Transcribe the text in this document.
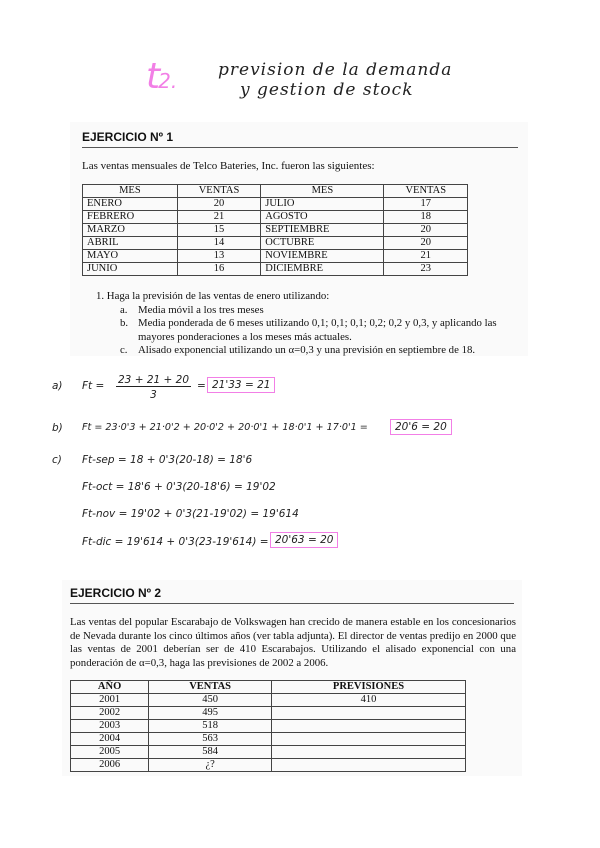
t2. prevision de la demanda
y gestion de stock
EJERCICIO Nº 1
Las ventas mensuales de Telco Bateries, Inc. fueron las siguientes:
MES	VENTAS	MES	VENTAS
ENERO	20	JULIO	17
FEBRERO	21	AGOSTO	18
MARZO	15	SEPTIEMBRE	20
ABRIL	14	OCTUBRE	20
MAYO	13	NOVIEMBRE	21
JUNIO	16	DICIEMBRE	23
1. Haga la previsión de las ventas de enero utilizando:
a. Media móvil a los tres meses
b. Media ponderada de 6 meses utilizando 0,1; 0,1; 0,1; 0,2; 0,2 y 0,3, y aplicando las mayores ponderaciones a los meses más actuales.
c. Alisado exponencial utilizando un α=0,3 y una previsión en septiembre de 18.
a) $Ft = \frac{23 + 21 + 20}{3} = 21'33 = 21$
b) Ft = 23·0'3 + 21·0'2 + 20·0'2 + 20·0'1 + 18·0'1 + 17·0'1 =	20'6 = 20
c) Ft-sep = 18 + 0'3(20-18) = 18'6
Ft-oct = 18'6 + 0'3(20-18'6) = 19'02
Ft-nov = 19'02 + 0'3(21-19'02) = 19'614
Ft-dic = 19'614 + 0'3(23-19'614) = 20'63 = 20
EJERCICIO Nº 2
Las ventas del popular Escarabajo de Volkswagen han crecido de manera estable en los concesionarios de Nevada durante los cinco últimos años (ver tabla adjunta). El director de ventas predijo en 2000 que las ventas de 2001 deberían ser de 410 Escarabajos. Utilizando el alisado exponencial con una ponderación de α=0,3, haga las previsiones de 2002 a 2006.
AÑO	VENTAS	PREVISIONES
2001	450	410
2002	495	
2003	518	
2004	563	
2005	584	
2006	¿?	
